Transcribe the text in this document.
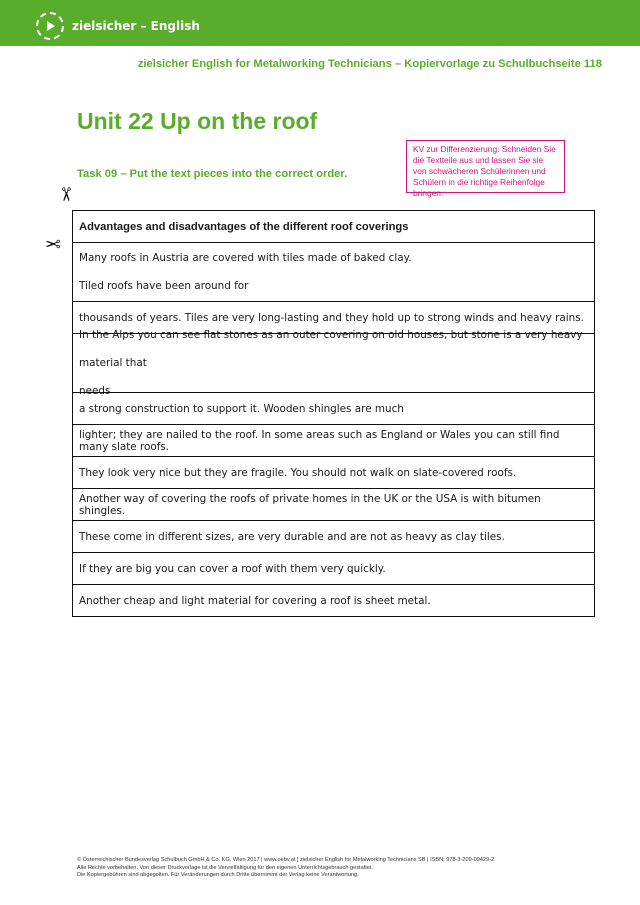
zielsicher – English
zielsicher English for Metalworking Technicians – Kopiervorlage zu Schulbuchseite 118
Unit 22 Up on the roof
Task 09 – Put the text pieces into the correct order.
KV zur Differenzierung: Schneiden Sie die Textteile aus und lassen Sie sie von schwächeren Schülerinnen und Schülern in die richtige Reihenfolge bringen.
✂
✂
Advantages and disadvantages of the different roof coverings
Many roofs in Austria are covered with tiles made of baked clay.
Tiled roofs have been around for
thousands of years. Tiles are very long-lasting and they hold up to strong winds and heavy rains.
In the Alps you can see flat stones as an outer covering on old houses, but stone is a very heavy material that
needs
a strong construction to support it. Wooden shingles are much
lighter; they are nailed to the roof. In some areas such as England or Wales you can still find many slate roofs.
They look very nice but they are fragile. You should not walk on slate-covered roofs.
Another way of covering the roofs of private homes in the UK or the USA is with bitumen shingles.
These come in different sizes, are very durable and are not as heavy as clay tiles.
If they are big you can cover a roof with them very quickly.
Another cheap and light material for covering a roof is sheet metal.
© Österreichischer Bundesverlag Schulbuch GmbH & Co. KG, Wien 2017 | www.oebv.at | zielsicher English for Metalworking Technicians SB | ISBN: 978-3-209-09429-2
Alle Rechte vorbehalten. Von dieser Druckvorlage ist die Vervielfältigung für den eigenen Unterrichtsgebrauch gestattet.
Die Kopiergebühren sind abgegolten. Für Veränderungen durch Dritte übernimmt der Verlag keine Verantwortung.
